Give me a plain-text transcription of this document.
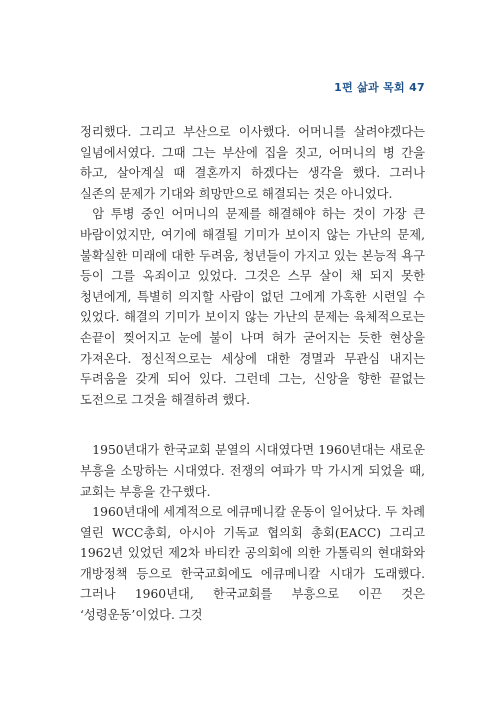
1편 삶과 목회 47

정리했다. 그리고 부산으로 이사했다. 어머니를 살려야겠다는 일념에서였다. 그때 그는 부산에 집을 짓고, 어머니의 병 간을 하고, 살아계실 때 결혼까지 하겠다는 생각을 했다. 그러나 실존의 문제가 기대와 희망만으로 해결되는 것은 아니었다.

암 투병 중인 어머니의 문제를 해결해야 하는 것이 가장 큰 바람이었지만, 여기에 해결될 기미가 보이지 않는 가난의 문제, 불확실한 미래에 대한 두려움, 청년들이 가지고 있는 본능적 욕구 등이 그를 옥죄이고 있었다. 그것은 스무 살이 채 되지 못한 청년에게, 특별히 의지할 사람이 없던 그에게 가혹한 시련일 수 있었다. 해결의 기미가 보이지 않는 가난의 문제는 육체적으로는 손끝이 찢어지고 눈에 불이 나며 혀가 굳어지는 듯한 현상을 가져온다. 정신적으로는 세상에 대한 경멸과 무관심 내지는 두려움을 갖게 되어 있다. 그런데 그는, 신앙을 향한 끝없는 도전으로 그것을 해결하려 했다.

1950년대가 한국교회 분열의 시대였다면 1960년대는 새로운 부흥을 소망하는 시대였다. 전쟁의 여파가 막 가시게 되었을 때, 교회는 부흥을 간구했다.

1960년대에 세계적으로 에큐메니칼 운동이 일어났다. 두 차례 열린 WCC총회, 아시아 기독교 협의회 총회(EACC) 그리고 1962년 있었던 제2차 바티칸 공의회에 의한 가톨릭의 현대화와 개방정책 등으로 한국교회에도 에큐메니칼 시대가 도래했다. 그러나 1960년대, 한국교회를 부흥으로 이끈 것은 ‘성령운동’이었다. 그것
